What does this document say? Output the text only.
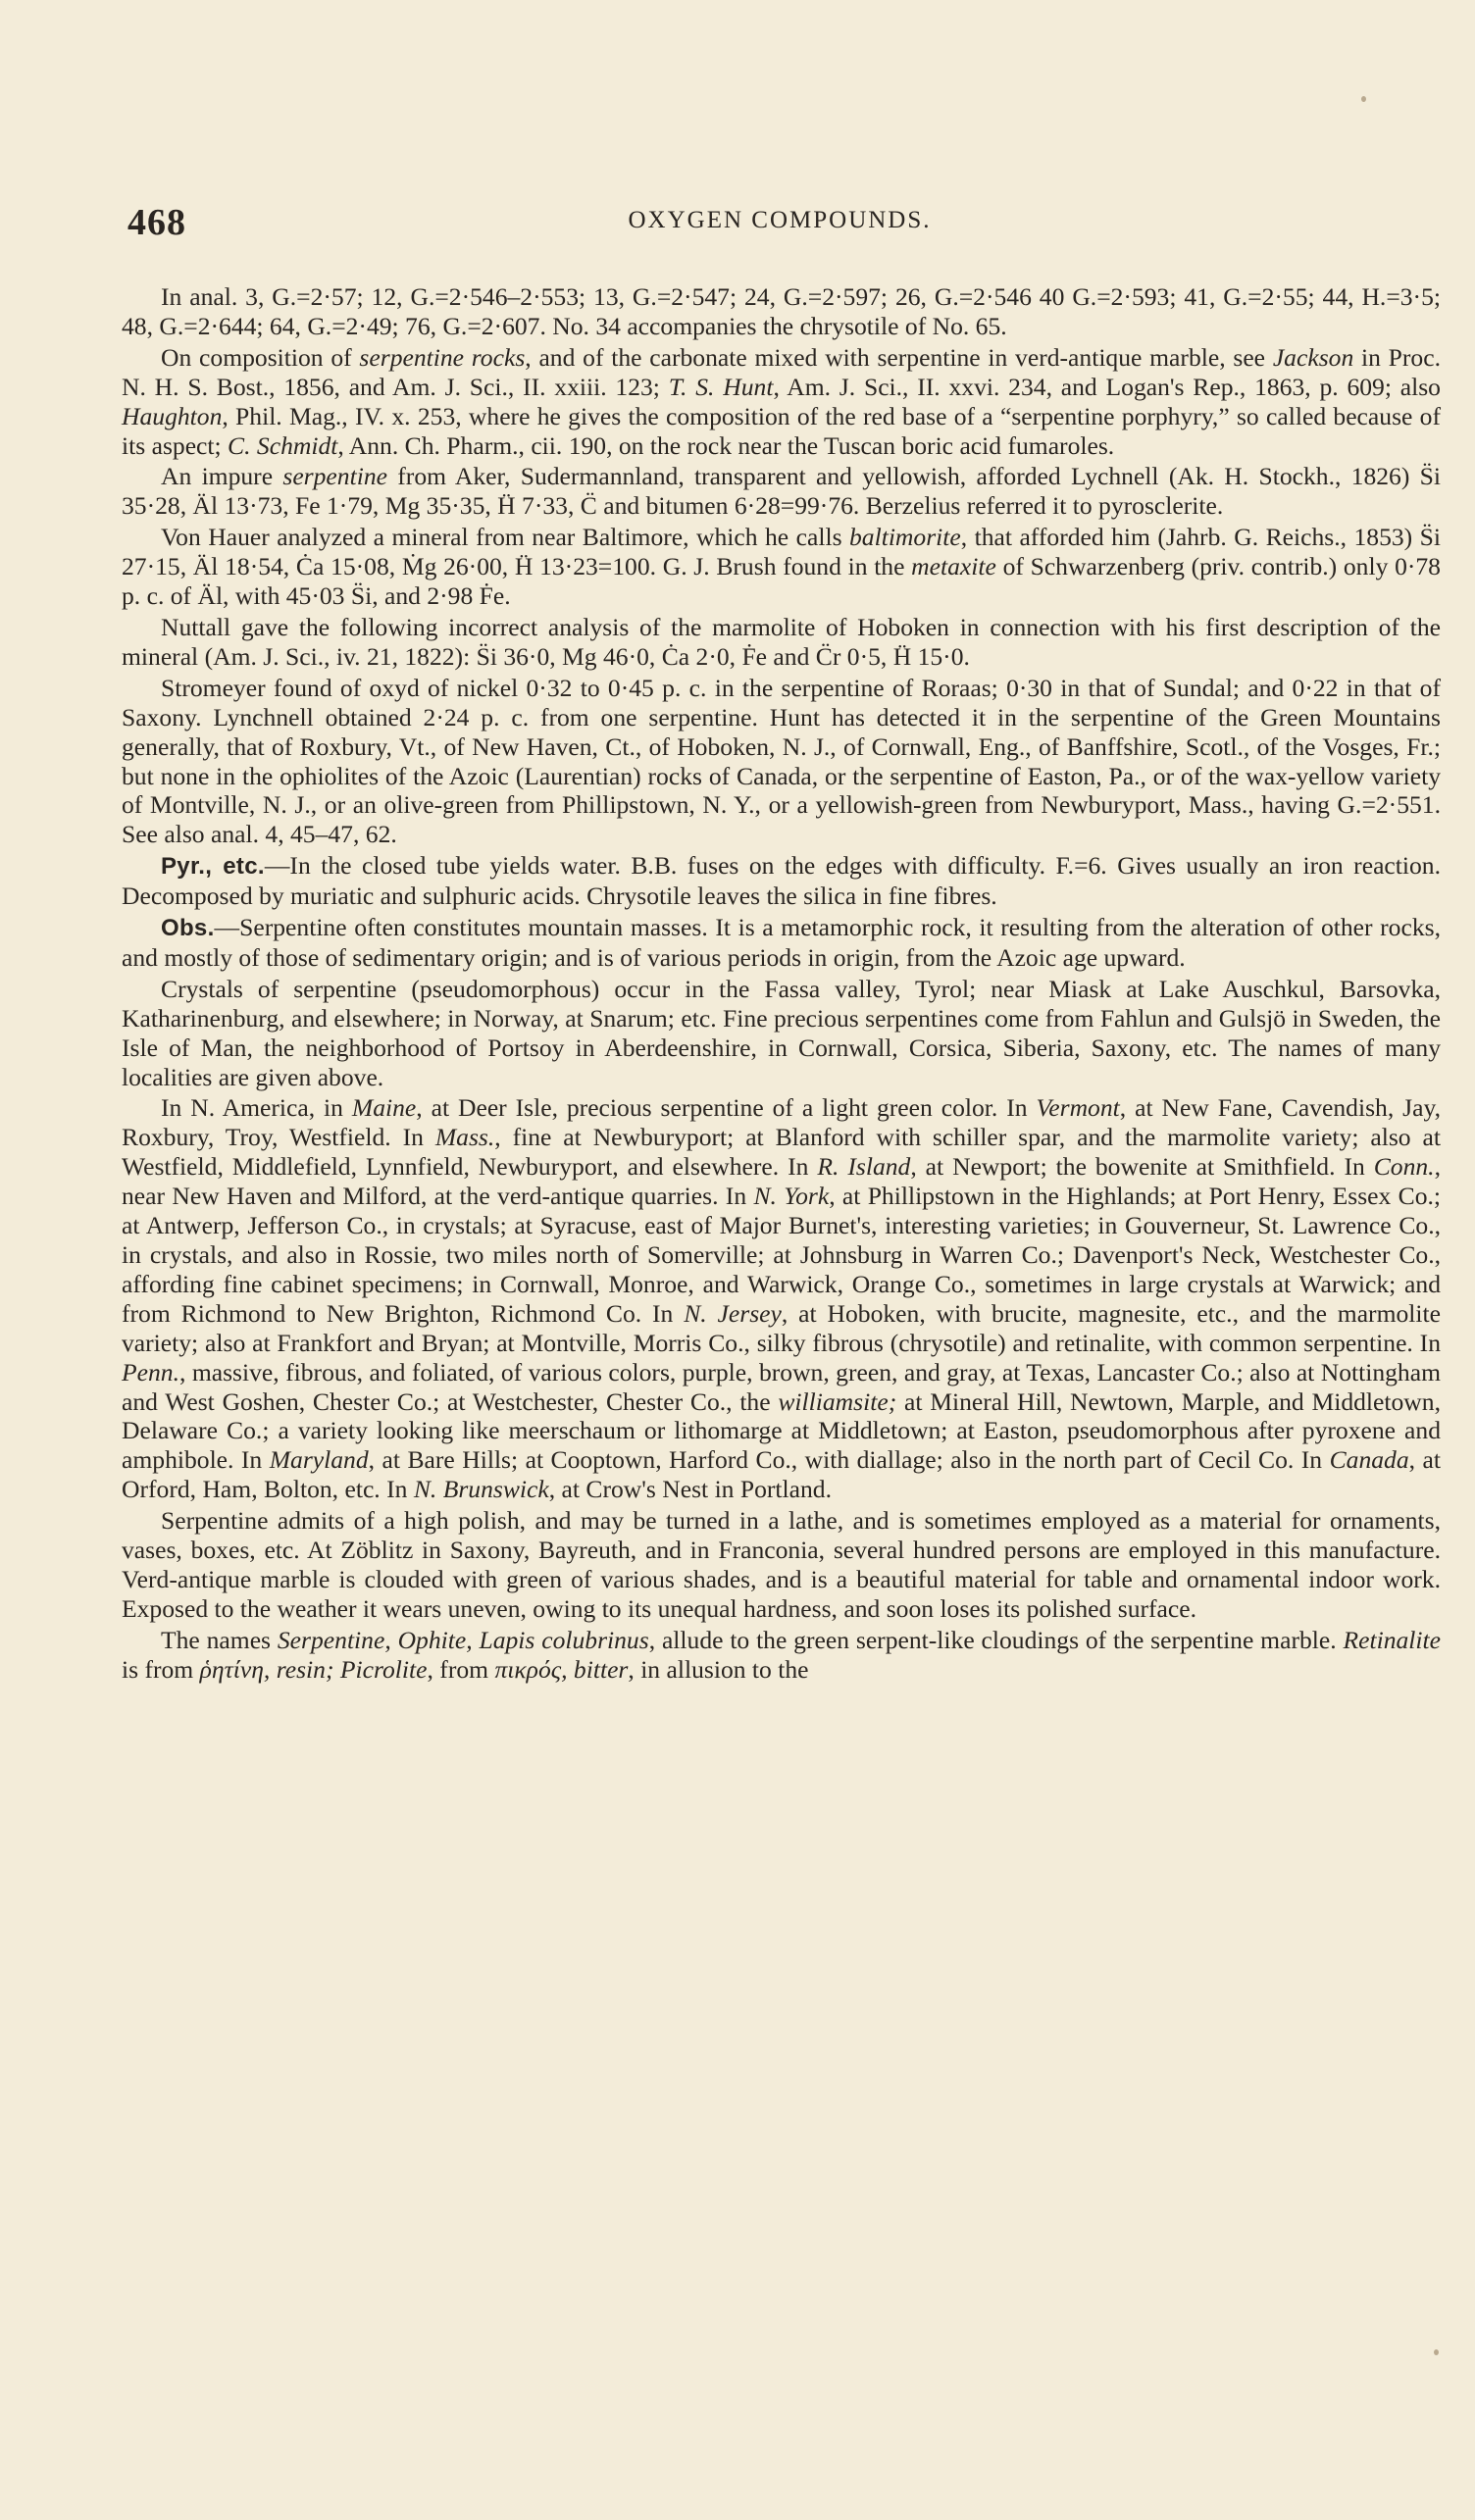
468	OXYGEN COMPOUNDS.

In anal. 3, G.=2·57; 12, G.=2·546–2·553; 13, G.=2·547; 24, G.=2·597; 26, G.=2·546 40 G.=2·593; 41, G.=2·55; 44, H.=3·5; 48, G.=2·644; 64, G.=2·49; 76, G.=2·607. No. 34 accompanies the chrysotile of No. 65.

On composition of serpentine rocks, and of the carbonate mixed with serpentine in verd-antique marble, see Jackson in Proc. N. H. S. Bost., 1856, and Am. J. Sci., II. xxiii. 123; T. S. Hunt, Am. J. Sci., II. xxvi. 234, and Logan's Rep., 1863, p. 609; also Haughton, Phil. Mag., IV. x. 253, where he gives the composition of the red base of a “serpentine porphyry,” so called because of its aspect; C. Schmidt, Ann. Ch. Pharm., cii. 190, on the rock near the Tuscan boric acid fumaroles.

An impure serpentine from Aker, Sudermannland, transparent and yellowish, afforded Lychnell (Ak. H. Stockh., 1826) S̈i 35·28, Äl 13·73, Fe 1·79, Mg 35·35, Ḧ 7·33, C̈ and bitumen 6·28=99·76. Berzelius referred it to pyrosclerite.

Von Hauer analyzed a mineral from near Baltimore, which he calls baltimorite, that afforded him (Jahrb. G. Reichs., 1853) S̈i 27·15, Äl 18·54, Ċa 15·08, Ṁg 26·00, Ḧ 13·23=100. G. J. Brush found in the metaxite of Schwarzenberg (priv. contrib.) only 0·78 p. c. of Äl, with 45·03 S̈i, and 2·98 Ḟe.

Nuttall gave the following incorrect analysis of the marmolite of Hoboken in connection with his first description of the mineral (Am. J. Sci., iv. 21, 1822): S̈i 36·0, Mg 46·0, Ċa 2·0, Ḟe and C̈r 0·5, Ḧ 15·0.

Stromeyer found of oxyd of nickel 0·32 to 0·45 p. c. in the serpentine of Roraas; 0·30 in that of Sundal; and 0·22 in that of Saxony. Lynchnell obtained 2·24 p. c. from one serpentine. Hunt has detected it in the serpentine of the Green Mountains generally, that of Roxbury, Vt., of New Haven, Ct., of Hoboken, N. J., of Cornwall, Eng., of Banffshire, Scotl., of the Vosges, Fr.; but none in the ophiolites of the Azoic (Laurentian) rocks of Canada, or the serpentine of Easton, Pa., or of the wax-yellow variety of Montville, N. J., or an olive-green from Phillipstown, N. Y., or a yellowish-green from Newburyport, Mass., having G.=2·551. See also anal. 4, 45–47, 62.

Pyr., etc.—In the closed tube yields water. B.B. fuses on the edges with difficulty. F.=6. Gives usually an iron reaction. Decomposed by muriatic and sulphuric acids. Chrysotile leaves the silica in fine fibres.

Obs.—Serpentine often constitutes mountain masses. It is a metamorphic rock, it resulting from the alteration of other rocks, and mostly of those of sedimentary origin; and is of various periods in origin, from the Azoic age upward.

Crystals of serpentine (pseudomorphous) occur in the Fassa valley, Tyrol; near Miask at Lake Auschkul, Barsovka, Katharinenburg, and elsewhere; in Norway, at Snarum; etc. Fine precious serpentines come from Fahlun and Gulsjö in Sweden, the Isle of Man, the neighborhood of Portsoy in Aberdeenshire, in Cornwall, Corsica, Siberia, Saxony, etc. The names of many localities are given above.

In N. America, in Maine, at Deer Isle, precious serpentine of a light green color. In Vermont, at New Fane, Cavendish, Jay, Roxbury, Troy, Westfield. In Mass., fine at Newburyport; at Blanford with schiller spar, and the marmolite variety; also at Westfield, Middlefield, Lynnfield, Newburyport, and elsewhere. In R. Island, at Newport; the bowenite at Smithfield. In Conn., near New Haven and Milford, at the verd-antique quarries. In N. York, at Phillipstown in the Highlands; at Port Henry, Essex Co.; at Antwerp, Jefferson Co., in crystals; at Syracuse, east of Major Burnet's, interesting varieties; in Gouverneur, St. Lawrence Co., in crystals, and also in Rossie, two miles north of Somerville; at Johnsburg in Warren Co.; Davenport's Neck, Westchester Co., affording fine cabinet specimens; in Cornwall, Monroe, and Warwick, Orange Co., sometimes in large crystals at Warwick; and from Richmond to New Brighton, Richmond Co. In N. Jersey, at Hoboken, with brucite, magnesite, etc., and the marmolite variety; also at Frankfort and Bryan; at Montville, Morris Co., silky fibrous (chrysotile) and retinalite, with common serpentine. In Penn., massive, fibrous, and foliated, of various colors, purple, brown, green, and gray, at Texas, Lancaster Co.; also at Nottingham and West Goshen, Chester Co.; at Westchester, Chester Co., the williamsite; at Mineral Hill, Newtown, Marple, and Middletown, Delaware Co.; a variety looking like meerschaum or lithomarge at Middletown; at Easton, pseudomorphous after pyroxene and amphibole. In Maryland, at Bare Hills; at Cooptown, Harford Co., with diallage; also in the north part of Cecil Co. In Canada, at Orford, Ham, Bolton, etc. In N. Brunswick, at Crow's Nest in Portland.

Serpentine admits of a high polish, and may be turned in a lathe, and is sometimes employed as a material for ornaments, vases, boxes, etc. At Zöblitz in Saxony, Bayreuth, and in Franconia, several hundred persons are employed in this manufacture. Verd-antique marble is clouded with green of various shades, and is a beautiful material for table and ornamental indoor work. Exposed to the weather it wears uneven, owing to its unequal hardness, and soon loses its polished surface.

The names Serpentine, Ophite, Lapis colubrinus, allude to the green serpent-like cloudings of the serpentine marble. Retinalite is from ῥητίνη, resin; Picrolite, from πικρός, bitter, in allusion to the
